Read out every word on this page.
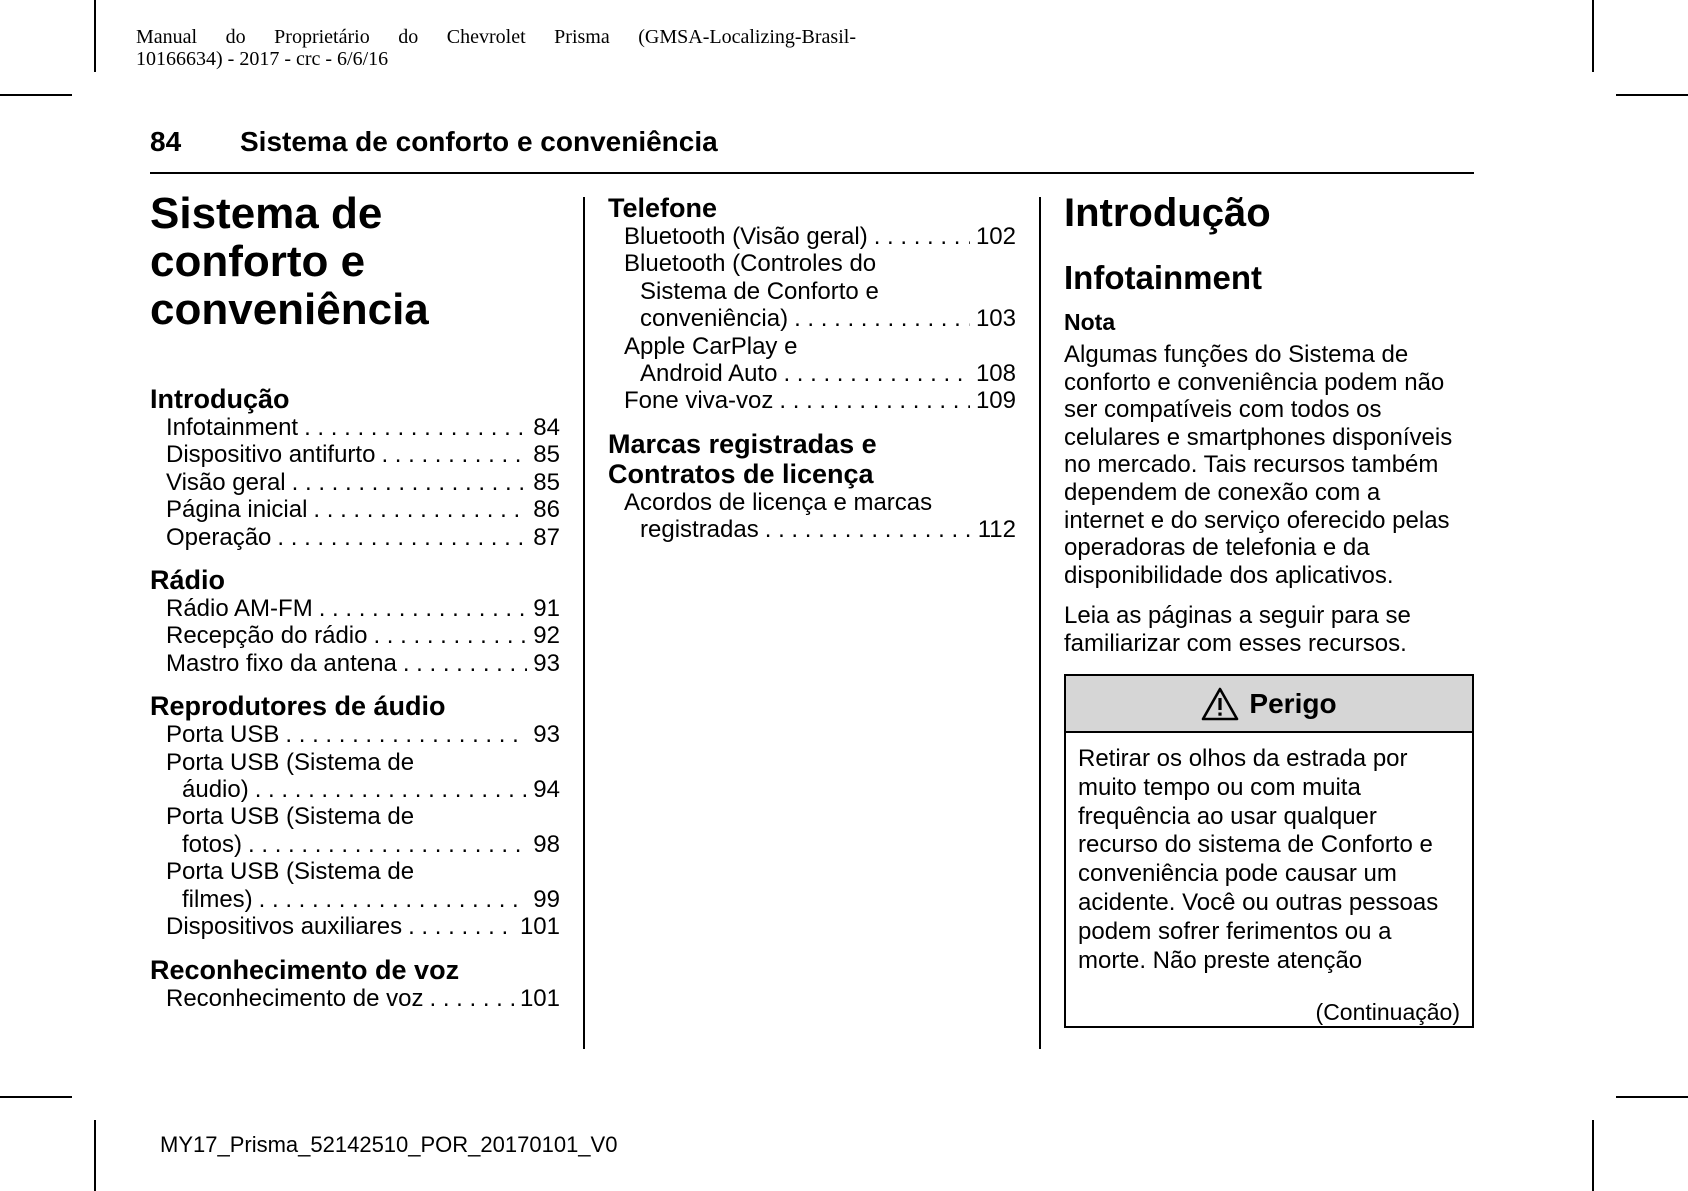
Manual do Proprietário do Chevrolet Prisma (GMSA-Localizing-Brasil-
10166634) - 2017 - crc - 6/6/16
84 Sistema de conforto e conveniência
Sistema de
conforto e
conveniência
Introdução
Infotainment . . .	84
Dispositivo antifurto . . .	85
Visão geral . . .	85
Página inicial . . .	86
Operação . . .	87
Rádio
Rádio AM-FM . . .	91
Recepção do rádio . . .	92
Mastro fixo da antena . . .	93
Reprodutores de áudio
Porta USB . . .	93
Porta USB (Sistema de
áudio) . . .	94
Porta USB (Sistema de
fotos) . . .	98
Porta USB (Sistema de
filmes) . . .	99
Dispositivos auxiliares . . .	101
Reconhecimento de voz
Reconhecimento de voz . . .	101
Telefone
Bluetooth (Visão geral) . . .	102
Bluetooth (Controles do
Sistema de Conforto e
conveniência) . . .	103
Apple CarPlay e
Android Auto . . .	108
Fone viva-voz . . .	109
Marcas registradas e
Contratos de licença
Acordos de licença e marcas
registradas . . .	112
Introdução
Infotainment
Nota

Algumas funções do Sistema de
conforto e conveniência podem não
ser compatíveis com todos os
celulares e smartphones disponíveis
no mercado. Tais recursos também
dependem de conexão com a
internet e do serviço oferecido pelas
operadoras de telefonia e da
disponibilidade dos aplicativos.

Leia as páginas a seguir para se
familiarizar com esses recursos.

Perigo
Retirar os olhos da estrada por
muito tempo ou com muita
frequência ao usar qualquer
recurso do sistema de Conforto e
conveniência pode causar um
acidente. Você ou outras pessoas
podem sofrer ferimentos ou a
morte. Não preste atenção
(Continuação)
MY17_Prisma_52142510_POR_20170101_V0
